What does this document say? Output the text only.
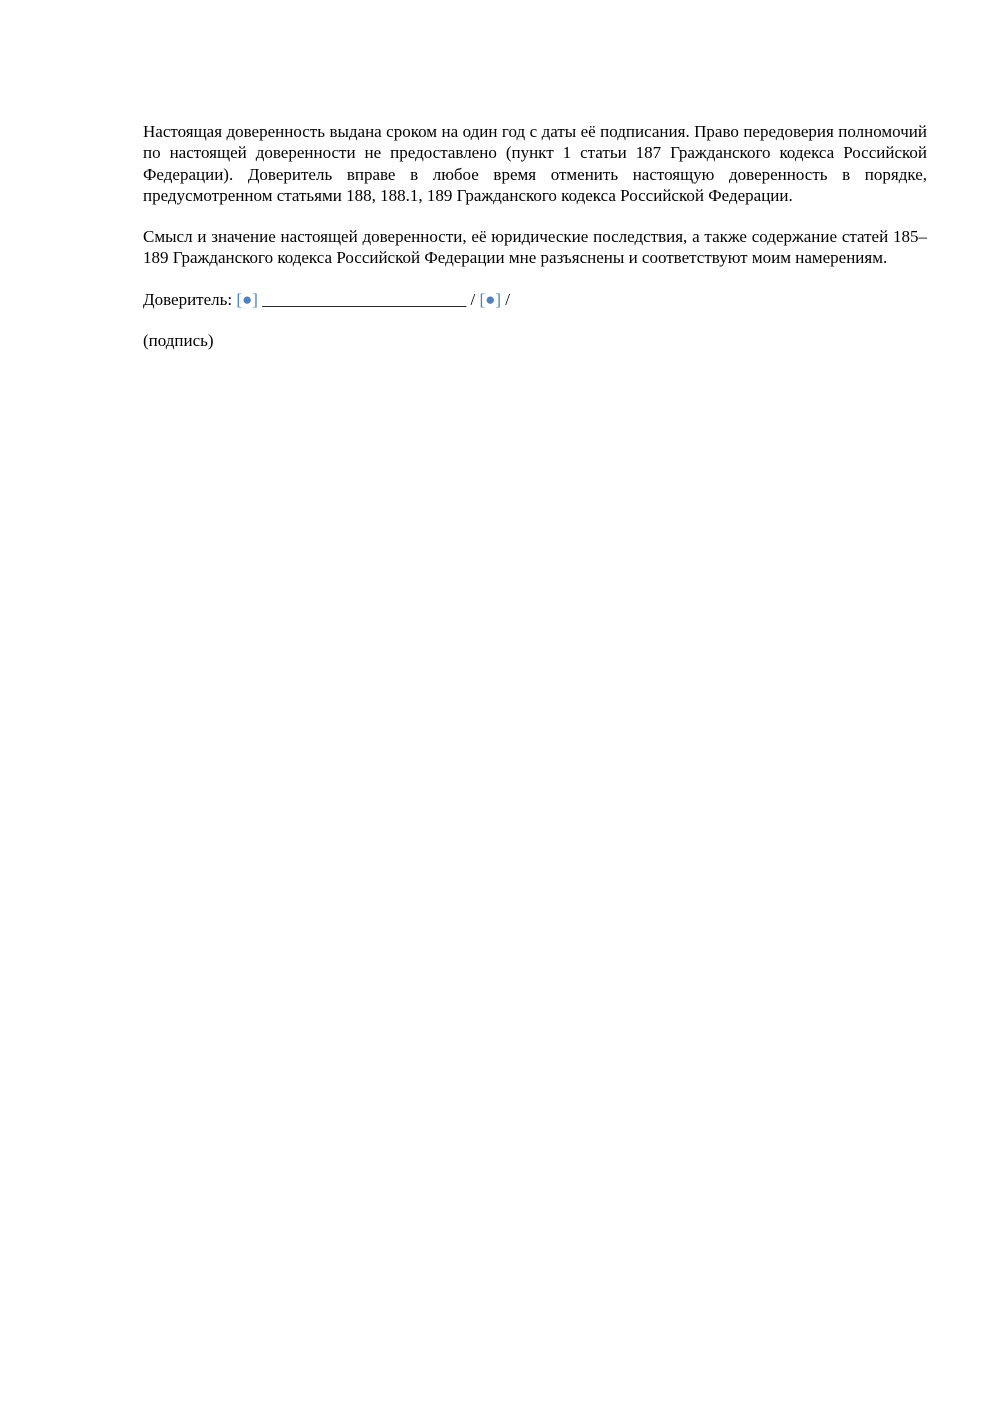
Настоящая доверенность выдана сроком на один год с даты её подписания. Право передоверия полномочий по настоящей доверенности не предоставлено (пункт 1 статьи 187 Гражданского кодекса Российской Федерации). Доверитель вправе в любое время отменить настоящую доверенность в порядке, предусмотренном статьями 188, 188.1, 189 Гражданского кодекса Российской Федерации.

Смысл и значение настоящей доверенности, её юридические последствия, а также содержание статей 185–189 Гражданского кодекса Российской Федерации мне разъяснены и соответствуют моим намерениям.

Доверитель: [●] ________________________ / [●] /
(подпись)
